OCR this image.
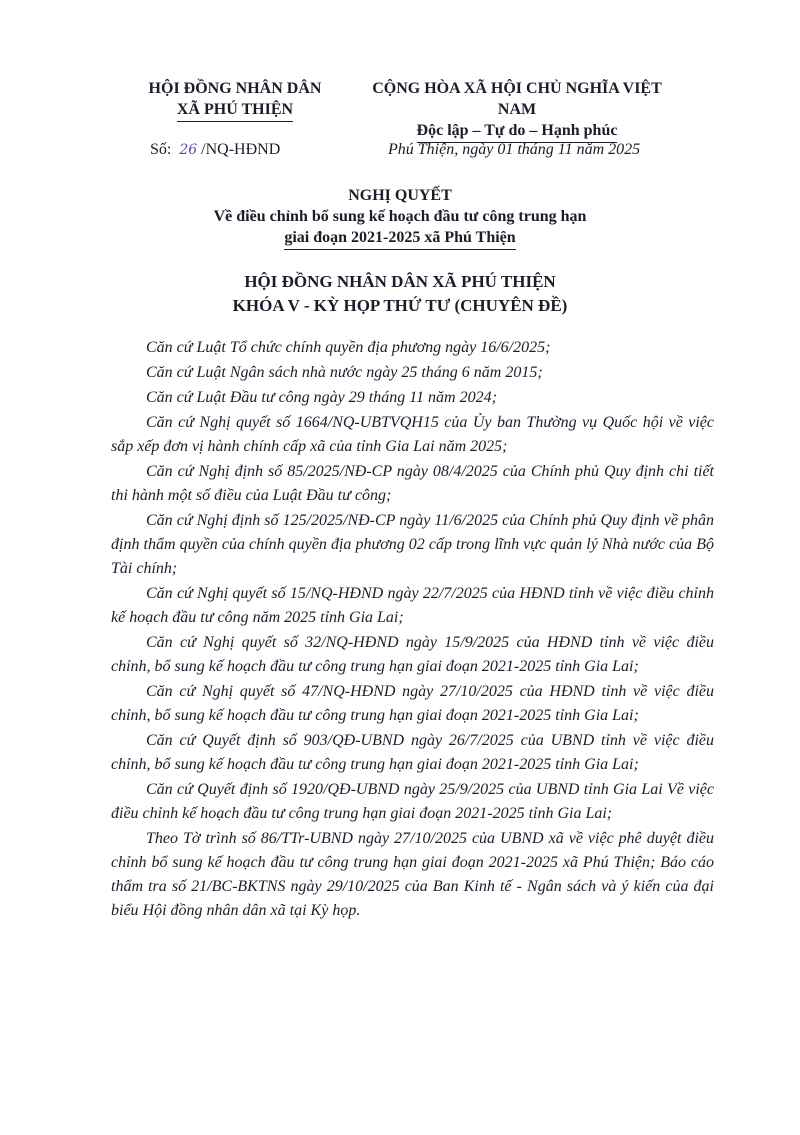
HỘI ĐỒNG NHÂN DÂN
XÃ PHÚ THIỆN
CỘNG HÒA XÃ HỘI CHỦ NGHĨA VIỆT NAM
Độc lập – Tự do – Hạnh phúc
Số: 26 /NQ-HĐND	Phú Thiện, ngày 01 tháng 11 năm 2025
NGHỊ QUYẾT
Về điều chỉnh bổ sung kế hoạch đầu tư công trung hạn
giai đoạn 2021-2025 xã Phú Thiện
HỘI ĐỒNG NHÂN DÂN XÃ PHÚ THIỆN
KHÓA V - KỲ HỌP THỨ TƯ (CHUYÊN ĐỀ)

Căn cứ Luật Tổ chức chính quyền địa phương ngày 16/6/2025;

Căn cứ Luật Ngân sách nhà nước ngày 25 tháng 6 năm 2015;

Căn cứ Luật Đầu tư công ngày 29 tháng 11 năm 2024;

Căn cứ Nghị quyết số 1664/NQ-UBTVQH15 của Ủy ban Thường vụ Quốc hội về việc sắp xếp đơn vị hành chính cấp xã của tỉnh Gia Lai năm 2025;

Căn cứ Nghị định số 85/2025/NĐ-CP ngày 08/4/2025 của Chính phủ Quy định chi tiết thi hành một số điều của Luật Đầu tư công;

Căn cứ Nghị định số 125/2025/NĐ-CP ngày 11/6/2025 của Chính phủ Quy định về phân định thẩm quyền của chính quyền địa phương 02 cấp trong lĩnh vực quản lý Nhà nước của Bộ Tài chính;

Căn cứ Nghị quyết số 15/NQ-HĐND ngày 22/7/2025 của HĐND tỉnh về việc điều chỉnh kế hoạch đầu tư công năm 2025 tỉnh Gia Lai;

Căn cứ Nghị quyết số 32/NQ-HĐND ngày 15/9/2025 của HĐND tỉnh về việc điều chỉnh, bổ sung kế hoạch đầu tư công trung hạn giai đoạn 2021-2025 tỉnh Gia Lai;

Căn cứ Nghị quyết số 47/NQ-HĐND ngày 27/10/2025 của HĐND tỉnh về việc điều chỉnh, bổ sung kế hoạch đầu tư công trung hạn giai đoạn 2021-2025 tỉnh Gia Lai;

Căn cứ Quyết định số 903/QĐ-UBND ngày 26/7/2025 của UBND tỉnh về việc điều chỉnh, bổ sung kế hoạch đầu tư công trung hạn giai đoạn 2021-2025 tỉnh Gia Lai;

Căn cứ Quyết định số 1920/QĐ-UBND ngày 25/9/2025 của UBND tỉnh Gia Lai Về việc điều chỉnh kế hoạch đầu tư công trung hạn giai đoạn 2021-2025 tỉnh Gia Lai;

Theo Tờ trình số 86/TTr-UBND ngày 27/10/2025 của UBND xã về việc phê duyệt điều chỉnh bổ sung kế hoạch đầu tư công trung hạn giai đoạn 2021-2025 xã Phú Thiện; Báo cáo thẩm tra số 21/BC-BKTNS ngày 29/10/2025 của Ban Kinh tế - Ngân sách và ý kiến của đại biểu Hội đồng nhân dân xã tại Kỳ họp.
